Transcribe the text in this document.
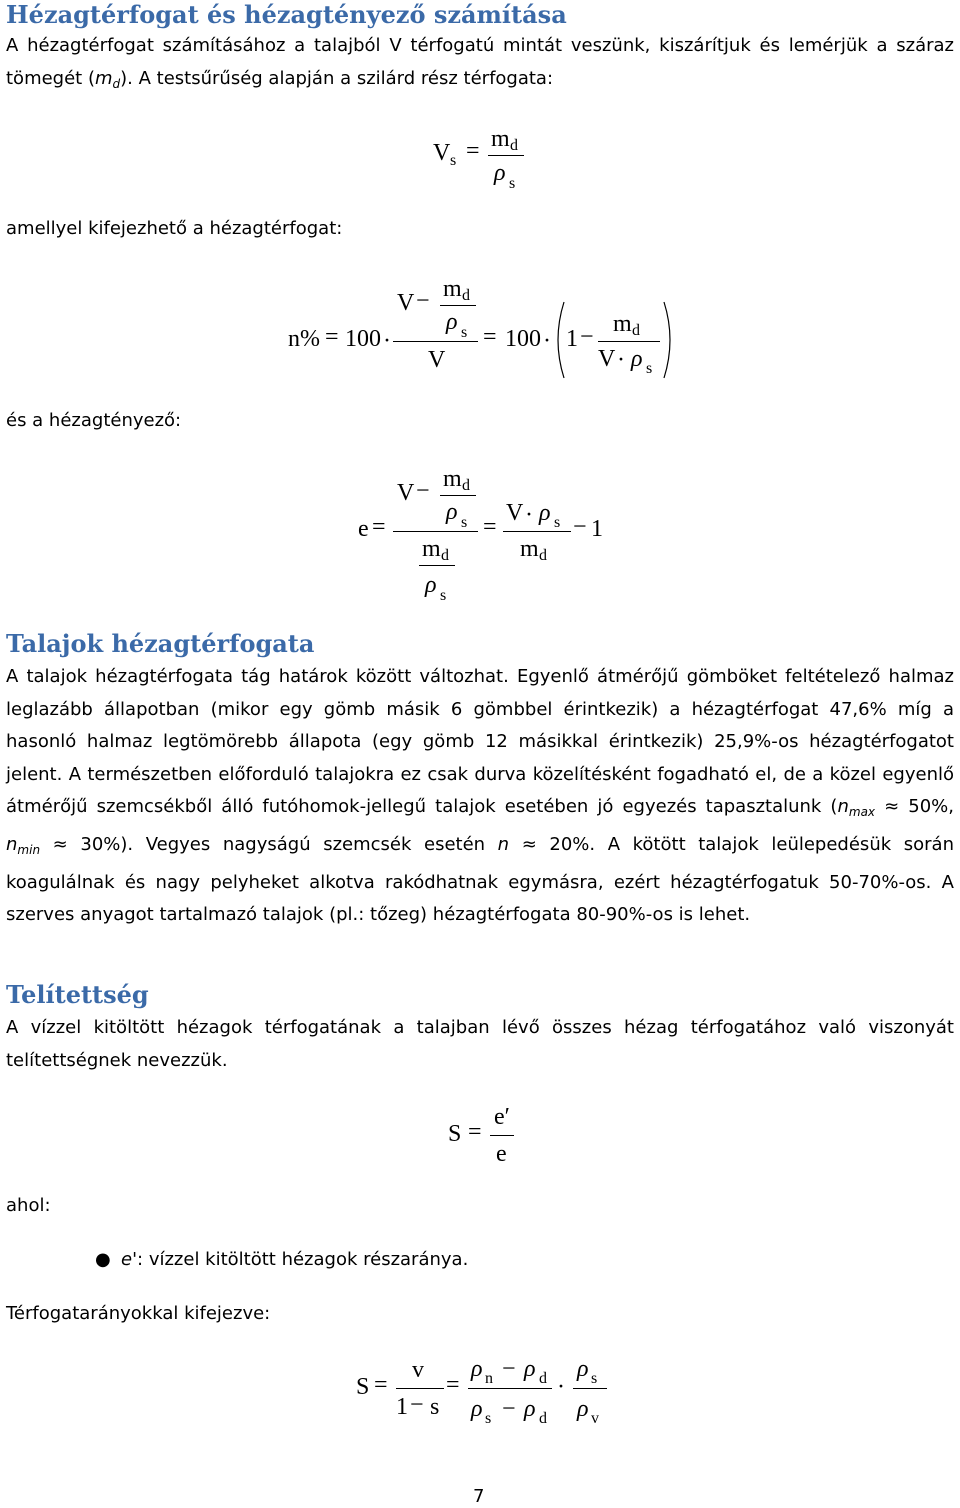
Hézagtérfogat és hézagtényező számítása

A hézagtérfogat számításához a talajból V térfogatú mintát veszünk, kiszárítjuk és lemérjük a száraz tömegét $(m_d)$. A testsűrűség alapján a szilárd rész térfogata:

V s = m d
ρ s
amellyel kifejezhető a hézagtérfogat:
n% = 100 ·
V − m d
ρ s
V
= 100 · 1 − m d
V · ρ s
és a hézagtényező:
e =
V − m d
ρ s
m d
ρ s
=
V · ρ s
m d
− 1
Talajok hézagtérfogata

A talajok hézagtérfogata tág határok között változhat. Egyenlő átmérőjű gömböket feltételező halmaz leglazább állapotban (mikor egy gömb másik 6 gömbbel érintkezik) a hézagtérfogat 47,6% míg a hasonló halmaz legtömörebb állapota (egy gömb 12 másikkal érintkezik) 25,9%-os hézagtérfogatot jelent. A természetben előforduló talajokra ez csak durva közelítésként fogadható el, de a közel egyenlő átmérőjű szemcsékből álló futóhomok-jellegű talajok esetében jó egyezés tapasztalunk ($n_{max} \approx 50\%$, $n_{min} \approx 30\%$). Vegyes nagyságú szemcsék esetén n ≈ 20%. A kötött talajok leülepedésük során koagulálnak és nagy pelyheket alkotva rakódhatnak egymásra, ezért hézagtérfogatuk 50-70%-os. A szerves anyagot tartalmazó talajok (pl.: tőzeg) hézagtérfogata 80-90%-os is lehet.

Telítettség

A vízzel kitöltött hézagok térfogatának a talajban lévő összes hézag térfogatához való viszonyát telítettségnek nevezzük.

S =
e′
e
ahol:
● e': vízzel kitöltött hézagok részaránya.
Térfogatarányokkal kifejezve:
S =
v
1 − s
=
ρ n − ρ d
ρ s − ρ d
·
ρ s
ρ v
7
